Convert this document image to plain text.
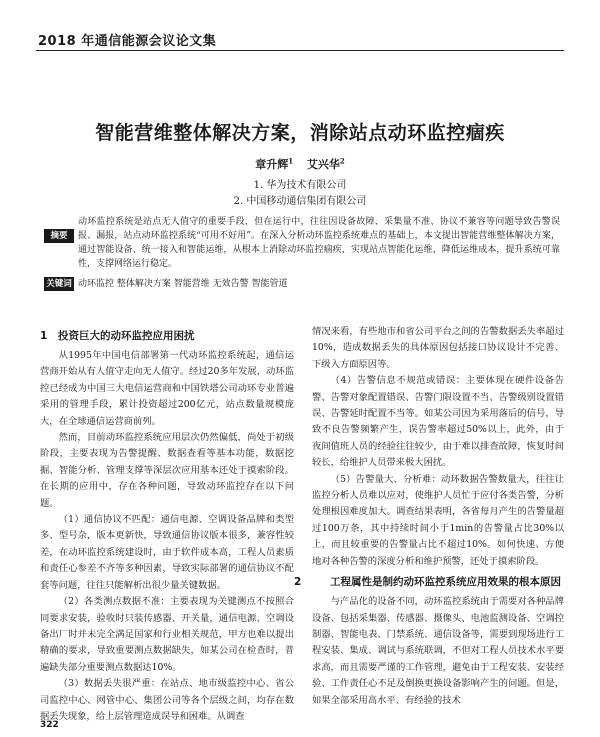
2018 年通信能源会议论文集
智能营维整体解决方案，消除站点动环监控痼疾
章升辉$^1$ 艾兴华$^2$
1. 华为技术有限公司
2. 中国移动通信集团有限公司
摘要

动环监控系统是站点无人值守的重要手段，但在运行中，往往因设备故障、采集量不准、协议不兼容等问题导致告警误报、漏报，站点动环监控系统“可用不好用”。在深入分析动环监控系统难点的基础上，本文提出智能营维整体解决方案，通过智能设备、统一接入和智能运维，从根本上消除动环监控痼疾，实现站点智能化运维，降低运维成本，提升系统可靠性，支撑网络运行稳定。

关键词 动环监控 整体解决方案 智能营维 无效告警 智能管道

1 投资巨大的动环监控应用困扰

从1995年中国电信部署第一代动环监控系统起，通信运营商开始从有人值守走向无人值守。经过20多年发展，动环监控已经成为中国三大电信运营商和中国铁塔公司动环专业普遍采用的管理手段，累计投资超过200亿元，站点数量规模庞大，在全球通信运营商前列。

然而，目前动环监控系统应用层次仍然偏低，尚处于初级阶段，主要表现为告警提醒、数据查看等基本功能，数据挖掘、智能分析、管理支撑等深层次应用基本还处于摸索阶段。在长期的应用中，存在各种问题，导致动环监控存在以下问题。

（1）通信协议不匹配：通信电源、空调设备品牌和类型多、型号杂，版本更新快，导致通信协议版本很多，兼容性较差，在动环监控系统建设时，由于软件成本高，工程人员素质和责任心参差不齐等多种因素，导致实际部署的通信协议不配套等问题，往往只能解析出很少量关键数据。

（2）各类测点数据不准：主要表现为关键测点不按照合同要求安装，验收时只装传感器、开关量，通信电源、空调设备出厂时并未完全满足国家和行业相关规范，甲方也难以提出精确的要求，导致重要测点数据缺失，如某公司在检查时，普遍缺失部分重要测点数据达10%。

（3）数据丢失很严重：在站点、地市级监控中心、省公司监控中心、网管中心、集团公司等各个层级之间，均存在数据丢失现象，给上层管理造成误导和困难。从调查

情况来看，有些地市和省公司平台之间的告警数据丢失率超过10%，造成数据丢失的具体原因包括接口协议设计不完善、下级入方面原因等。

（4）告警信息不规范或错误：主要体现在硬件设备告警、告警对象配置错误、告警门限设置不当、告警级别设置错误、告警延时配置不当等。如某公司因为采用落后的信号，导致不良告警频繁产生，误告警率超过50%以上，此外，由于夜间值班人员的经验往往较少，由于难以排查故障，恢复时间较长，给维护人员带来极大困扰。

（5）告警量大、分析难：动环数据告警数量大，往往让监控分析人员难以应对，使维护人员忙于应付各类告警，分析处理根因难度加大。调查结果表明，各省每月产生的告警量超过100万条，其中持续时间小于1min的告警量占比30%以上，而且较重要的告警量占比不超过10%。如何快速、方便地对各种告警的深度分析和维护预警，还处于摸索阶段。

2	工程属性是制约动环监控系统应用效果的根本原因

与产品化的设备不同，动环监控系统由于需要对各种品牌设备、包括采集器、传感器、摄像头、电池监测设备、空调控制器、智能电表、门禁系统、通信设备等，需要到现场进行工程安装、集成、调试与系统联调，不但对工程人员技术水平要求高，而且需要严谨的工作管理，避免由于工程安装、安装经验、工作责任心不足及倒换更换设备影响产生的问题。但是，如果全部采用高水平、有经验的技术

322
